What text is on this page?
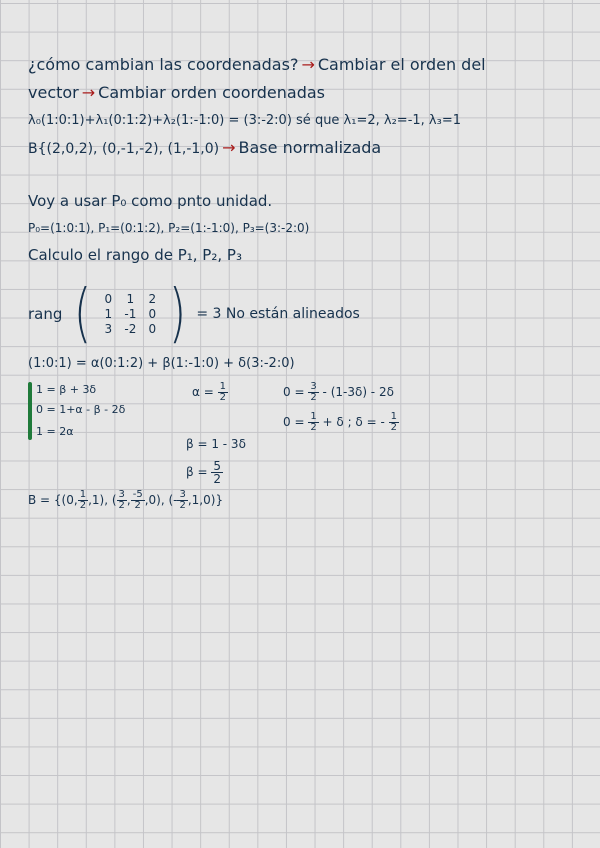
¿cómo cambian las coordenadas? → Cambiar el orden del
vector → Cambiar orden coordenadas
λ₀(1:0:1)+λ₁(0:1:2)+λ₂(1:-1:0) = (3:-2:0) sé que λ₁=2, λ₂=-1, λ₃=1
B{(2,0,2), (0,-1,-2), (1,-1,0) → Base normalizada
Voy a usar P₀ como pnto unidad.
P₀=(1:0:1), P₁=(0:1:2), P₂=(1:-1:0), P₃=(3:-2:0)
Calculo el rango de P₁, P₂, P₃
rang (	0	1	2
1	-1	0
3	-2	0 ) = 3 No están alineados
(1:0:1) = α(0:1:2) + β(1:-1:0) + δ(3:-2:0)
1 = β + 3δ
0 = 1+α - β - 2δ
1 = 2α
$\alpha = \frac{1}{2}$	$0 = \frac{3}{2} - (1-3\delta) - 2\delta$
$0 = \frac{1}{2} + \delta$ ; δ = - $\frac{1}{2}$
β = 1 - 3δ
$\beta = \frac{5}{2}$
B = {(0, $\frac{1}{2} ,1$), ( $\frac{3}{2}$ , $\frac{-5}{2} ,0$), (- $\frac{3}{2} ,1,0$)}
